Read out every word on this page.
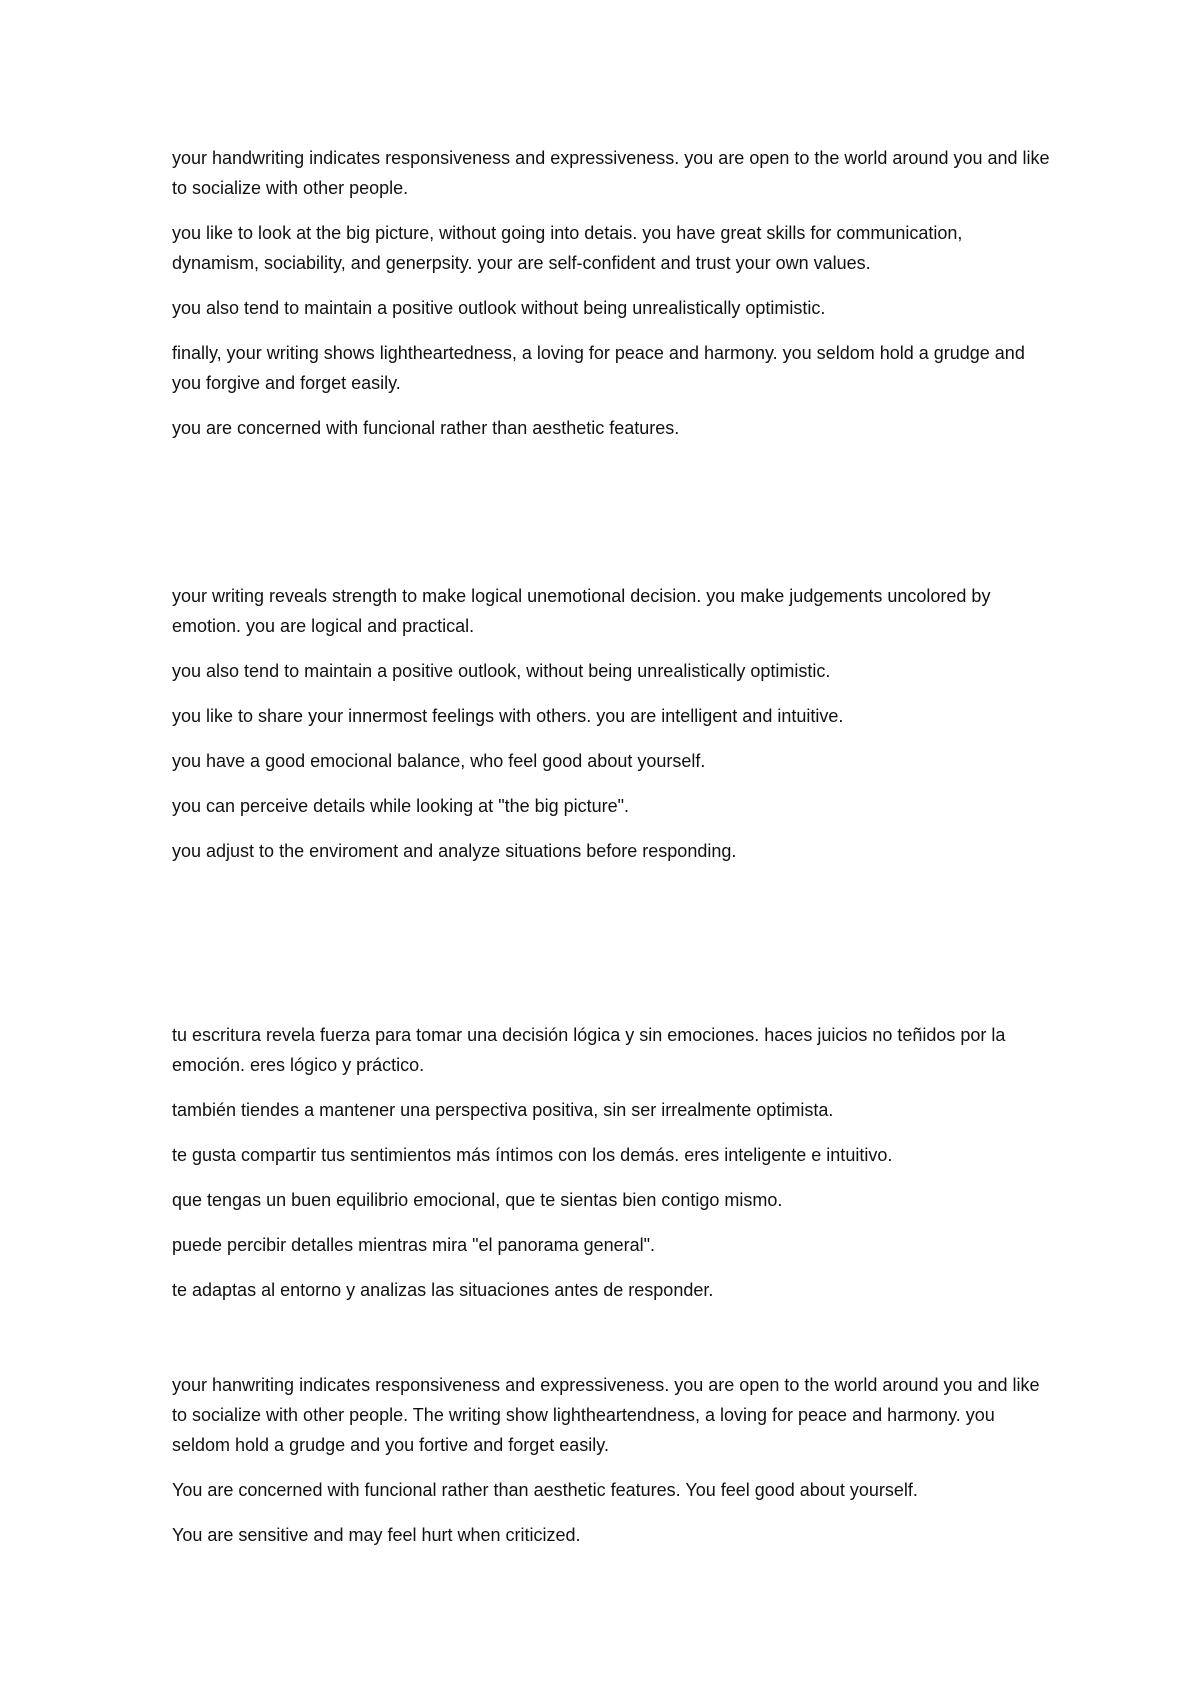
your handwriting indicates responsiveness and expressiveness. you are open to the world around you and like to socialize with other people.

you like to look at the big picture, without going into detais. you have great skills for communication, dynamism, sociability, and generpsity. your are self-confident and trust your own values.

you also tend to maintain a positive outlook without being unrealistically optimistic.

finally, your writing shows lightheartedness, a loving for peace and harmony. you seldom hold a grudge and you forgive and forget easily.

you are concerned with funcional rather than aesthetic features.

your writing reveals strength to make logical unemotional decision. you make judgements uncolored by emotion. you are logical and practical.

you also tend to maintain a positive outlook, without being unrealistically optimistic.

you like to share your innermost feelings with others. you are intelligent and intuitive.

you have a good emocional balance, who feel good about yourself.

you can perceive details while looking at "the big picture".

you adjust to the enviroment and analyze situations before responding.

tu escritura revela fuerza para tomar una decisión lógica y sin emociones. haces juicios no teñidos por la emoción. eres lógico y práctico.

también tiendes a mantener una perspectiva positiva, sin ser irrealmente optimista.

te gusta compartir tus sentimientos más íntimos con los demás. eres inteligente e intuitivo.

que tengas un buen equilibrio emocional, que te sientas bien contigo mismo.

puede percibir detalles mientras mira "el panorama general".

te adaptas al entorno y analizas las situaciones antes de responder.

your hanwriting indicates responsiveness and expressiveness. you are open to the world around you and like to socialize with other people. The writing show lightheartendness, a loving for peace and harmony. you seldom hold a grudge and you fortive and forget easily.

You are concerned with funcional rather than aesthetic features. You feel good about yourself.

You are sensitive and may feel hurt when criticized.
